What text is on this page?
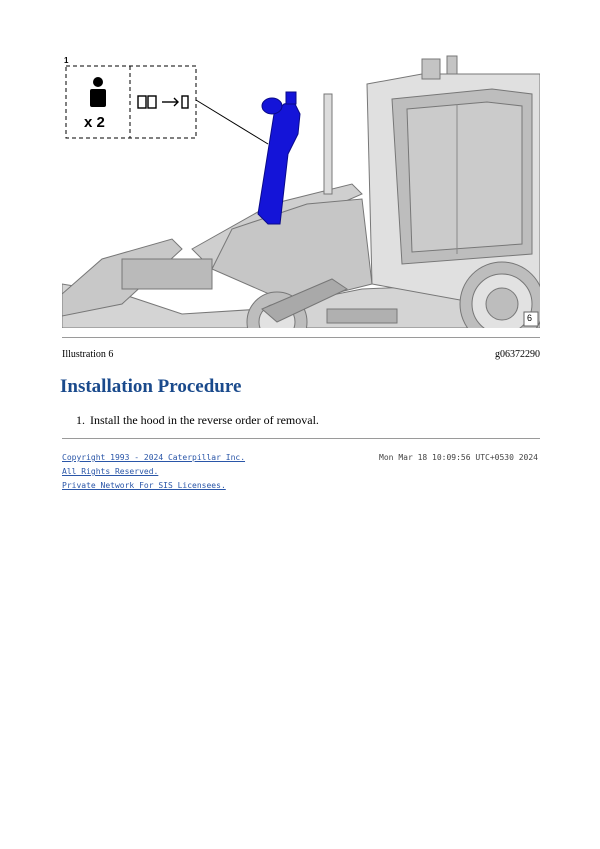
1
x 2
6
Illustration 6	g06372290
Installation Procedure
1. Install the hood in the reverse order of removal.
Copyright 1993 - 2024 Caterpillar Inc.
All Rights Reserved.
Private Network For SIS Licensees.
Mon Mar 18 10:09:56 UTC+0530 2024
